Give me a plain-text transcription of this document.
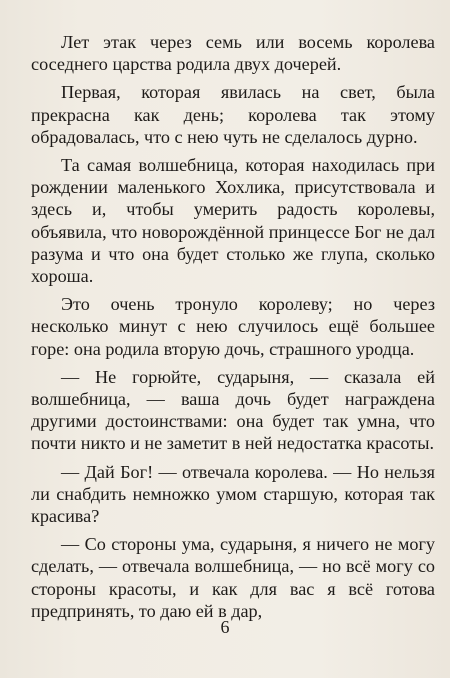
Лет этак через семь или восемь королева соседнего царства родила двух дочерей.

Первая, которая явилась на свет, была прекрасна как день; королева так этому обрадовалась, что с нею чуть не сделалось дурно.

Та самая волшебница, которая находилась при рождении маленького Хохлика, присутствовала и здесь и, чтобы умерить радость королевы, объявила, что новорождённой принцессе Бог не дал разума и что она будет столько же глупа, сколько хороша.

Это очень тронуло королеву; но через несколько минут с нею случилось ещё большее горе: она родила вторую дочь, страшного уродца.

— Не горюйте, сударыня, — сказала ей волшебница, — ваша дочь будет награждена другими достоинствами: она будет так умна, что почти никто и не заметит в ней недостатка красоты.

— Дай Бог! — отвечала королева. — Но нельзя ли снабдить немножко умом старшую, которая так красива?

— Со стороны ума, сударыня, я ничего не могу сделать, — отвечала волшебница, — но всё могу со стороны красоты, и как для вас я всё готова предпринять, то даю ей в дар,

6
